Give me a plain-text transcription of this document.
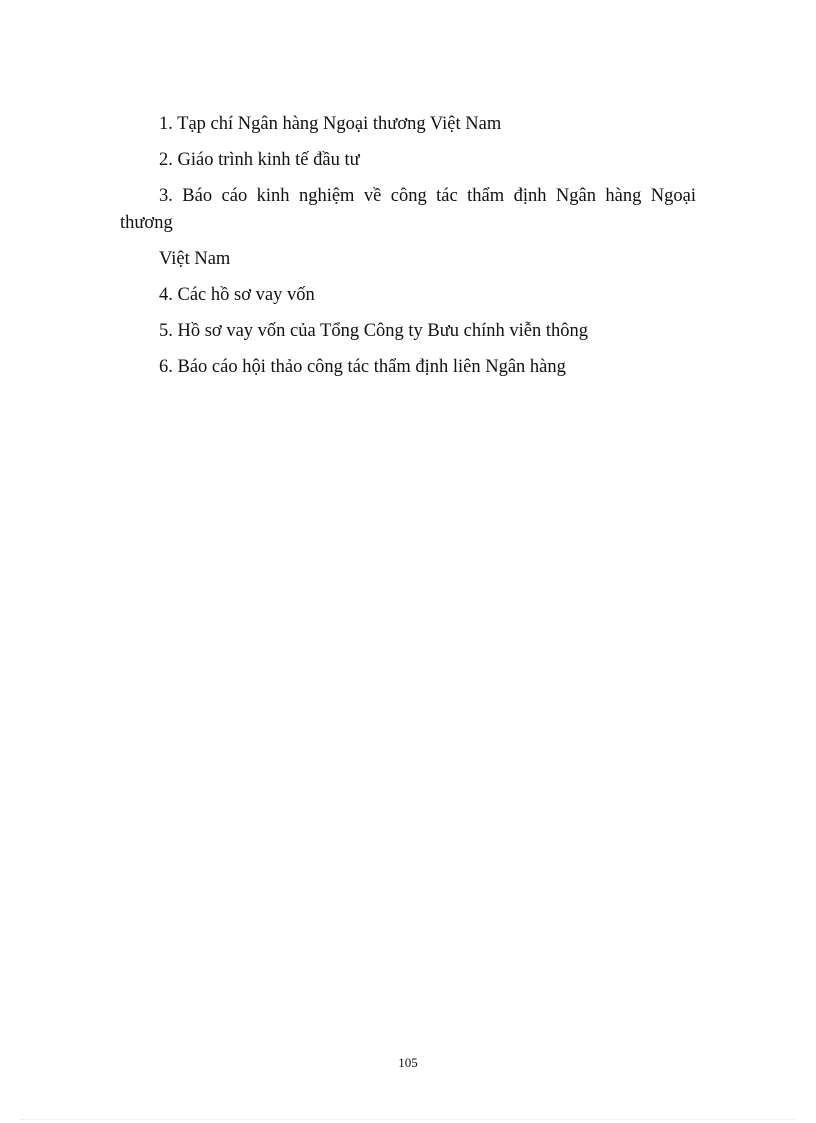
1. Tạp chí Ngân hàng Ngoại thương Việt Nam

2. Giáo trình kinh tế đầu tư

3. Báo cáo kinh nghiệm về công tác thẩm định Ngân hàng Ngoại

thương

Việt Nam

4. Các hồ sơ vay vốn

5. Hồ sơ vay vốn của Tổng Công ty Bưu chính viễn thông

6. Báo cáo hội thảo công tác thẩm định liên Ngân hàng

105
